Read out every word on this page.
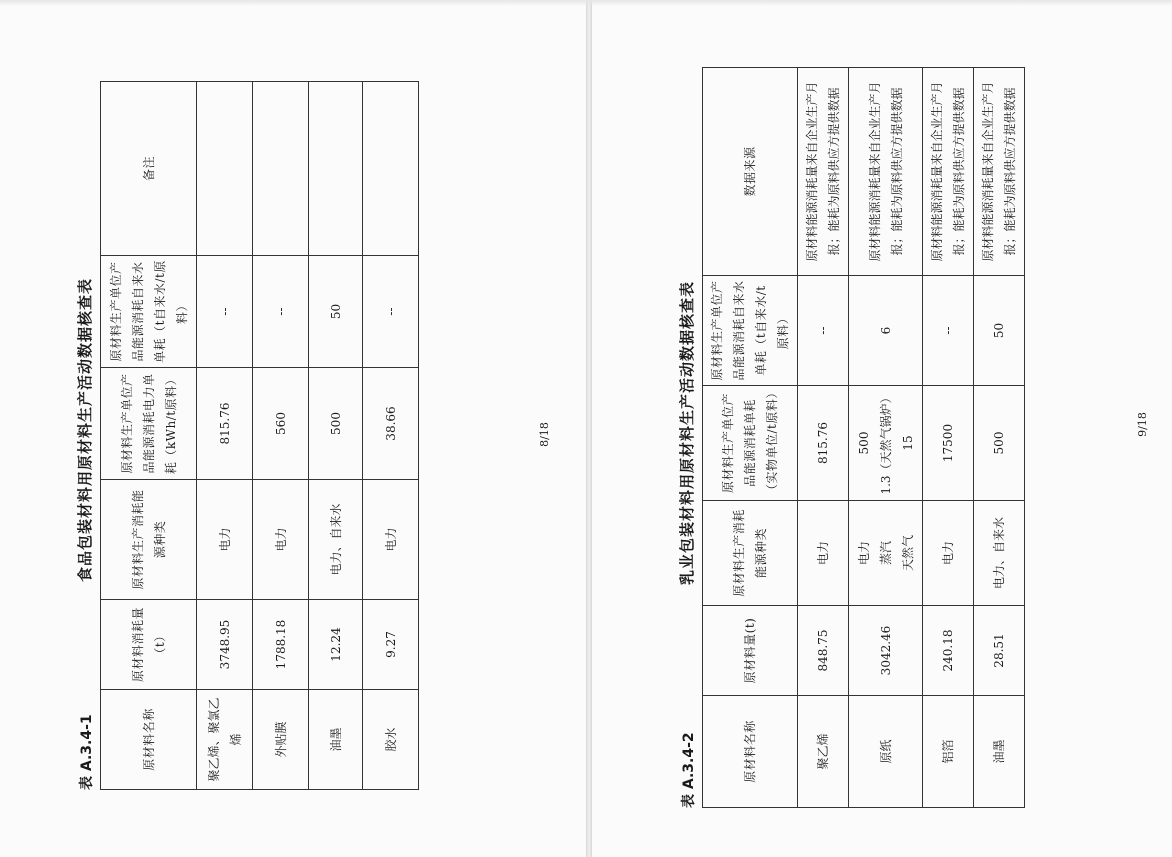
表 A.3.4-1
食品包装材料用原材料生产活动数据核查表
原材料名称	原材料消耗量（t）	原材料生产消耗能源种类	原材料生产单位产品能源消耗电力单耗（kWh/t原料）	原材料生产单位产品能源消耗自来水单耗（t自来水/t原料）	备注
聚乙烯、聚氯乙烯	3748.95	电力	815.76	--	
外贴膜	1788.18	电力	560	--	
油墨	12.24	电力、自来水	500	50	
胶水	9.27	电力	38.66	--	
8/18
表 A.3.4-2
乳业包装材料用原材料生产活动数据核查表
原材料名称	原材料量(t)	原材料生产消耗能源种类	原材料生产单位产品能源消耗单耗（实物单位/t原料）	原材料生产单位产品能源消耗自来水单耗（t自来水/t原料）	数据来源
聚乙烯	848.75	电力	815.76	--	原材料能源消耗量来自企业生产月报；能耗为原料供应方提供数据
原纸	3042.46	电力 蒸汽 天然气	500 1.3（天然气锅炉） 15	6	原材料能源消耗量来自企业生产月报；能耗为原料供应方提供数据
铝箔	240.18	电力	17500	--	原材料能源消耗量来自企业生产月报；能耗为原料供应方提供数据
油墨	28.51	电力、自来水	500	50	原材料能源消耗量来自企业生产月报；能耗为原料供应方提供数据
9/18
